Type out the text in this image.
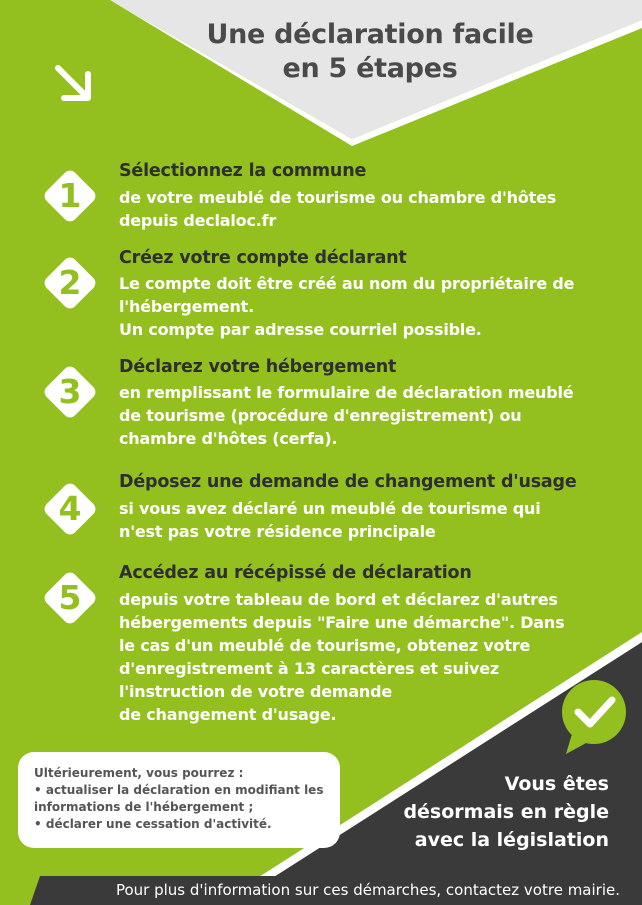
Une déclaration facile
en 5 étapes
1
Sélectionnez la commune
de votre meublé de tourisme ou chambre d'hôtes
depuis declaloc.fr
2
Créez votre compte déclarant
Le compte doit être créé au nom du propriétaire de
l'hébergement.
Un compte par adresse courriel possible.
3
Déclarez votre hébergement
en remplissant le formulaire de déclaration meublé
de tourisme (procédure d'enregistrement) ou
chambre d'hôtes (cerfa).
4
Déposez une demande de changement d'usage
si vous avez déclaré un meublé de tourisme qui
n'est pas votre résidence principale
5
Accédez au récépissé de déclaration
depuis votre tableau de bord et déclarez d'autres
hébergements depuis "Faire une démarche". Dans
le cas d'un meublé de tourisme, obtenez votre
d'enregistrement à 13 caractères et suivez
l'instruction de votre demande
de changement d'usage.
Ultérieurement, vous pourrez :
• actualiser la déclaration en modifiant les
informations de l'hébergement ;
• déclarer une cessation d'activité.
Vous êtes
désormais en règle
avec la législation
Pour plus d'information sur ces démarches, contactez votre mairie.
